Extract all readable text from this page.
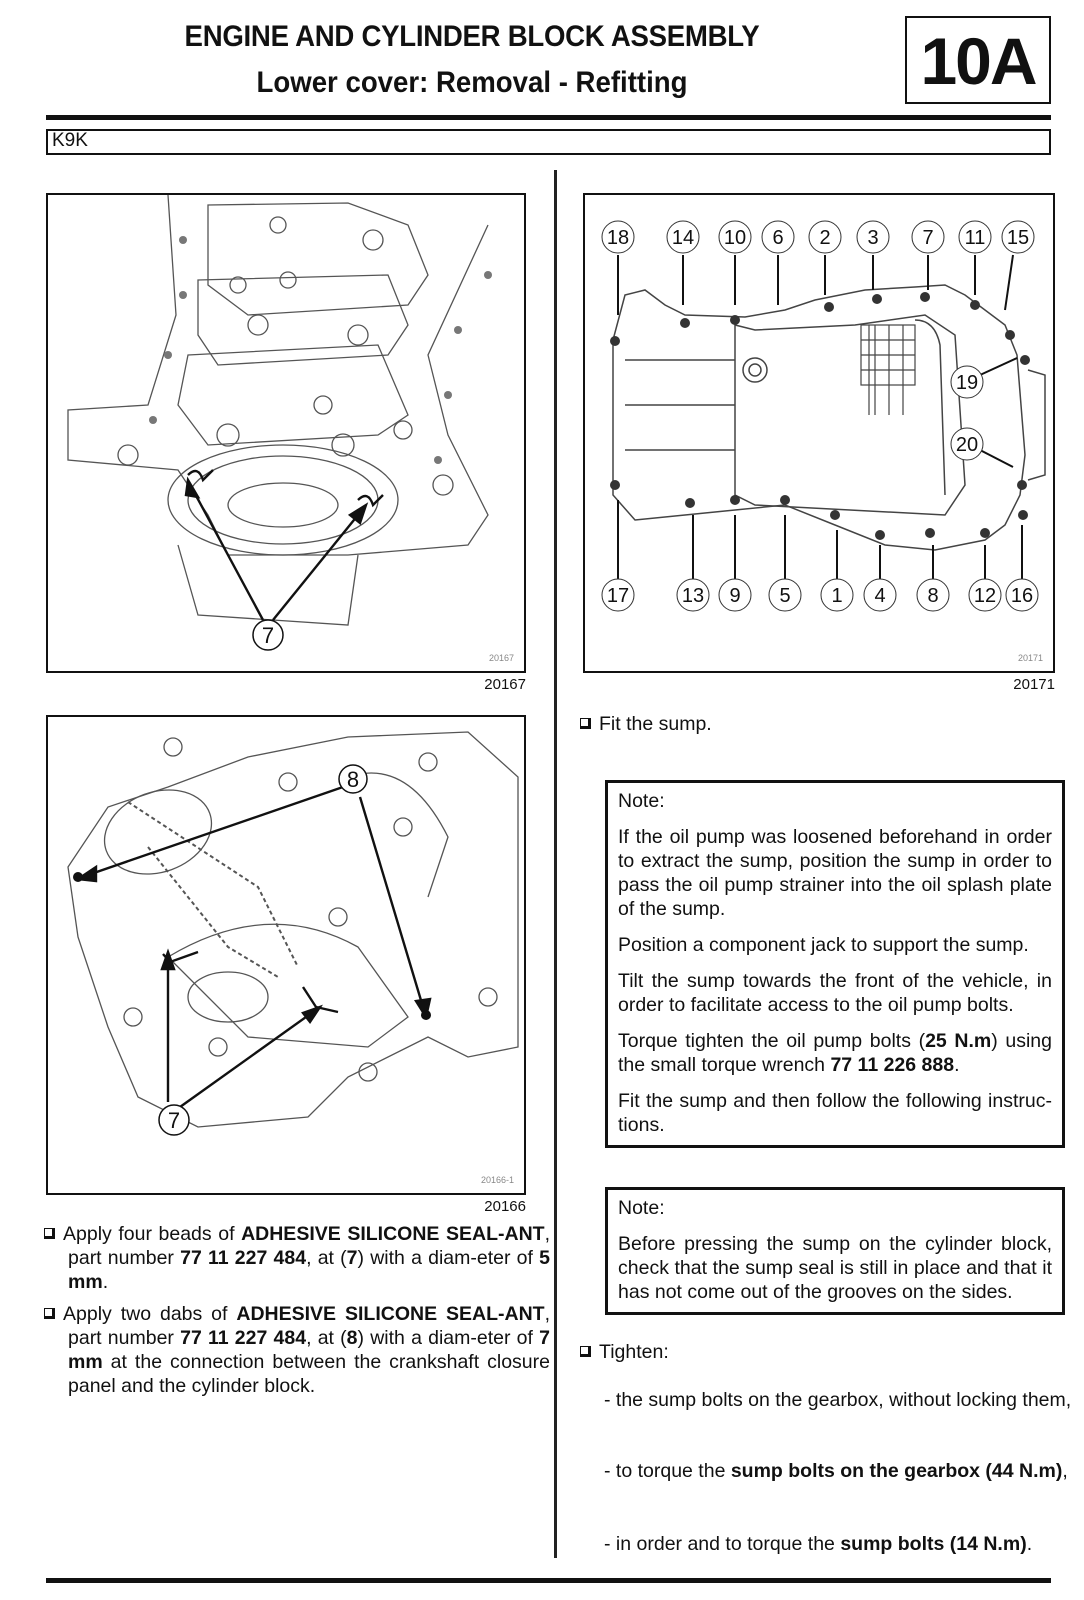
ENGINE AND CYLINDER BLOCK ASSEMBLY
Lower cover: Removal - Refitting	10A
K9K
7
20167
20167
18 14 10 6 2 3 7 11 15
19
20
17	13 9 5 1 4 8 12 16
20171
20171
8
7
20166-1
20166
Apply four beads of ADHESIVE SILICONE SEAL-ANT, part number 77 11 227 484, at (7) with a diam-eter of 5 mm.
Apply two dabs of ADHESIVE SILICONE SEAL-ANT, part number 77 11 227 484, at (8) with a diam-eter of 7 mm at the connection between the crankshaft closure panel and the cylinder block.
Fit the sump.

Note:

If the oil pump was loosened beforehand in order to extract the sump, position the sump in order to pass the oil pump strainer into the oil splash plate of the sump.

Position a component jack to support the sump.

Tilt the sump towards the front of the vehicle, in order to facilitate access to the oil pump bolts.

Torque tighten the oil pump bolts (25 N.m) using the small torque wrench 77 11 226 888.

Fit the sump and then follow the following instruc-tions.

Note:

Before pressing the sump on the cylinder block, check that the sump seal is still in place and that it has not come out of the grooves on the sides.

Tighten:
- the sump bolts on the gearbox, without locking them,
- to torque the sump bolts on the gearbox (44 N.m),
- in order and to torque the sump bolts (14 N.m).
